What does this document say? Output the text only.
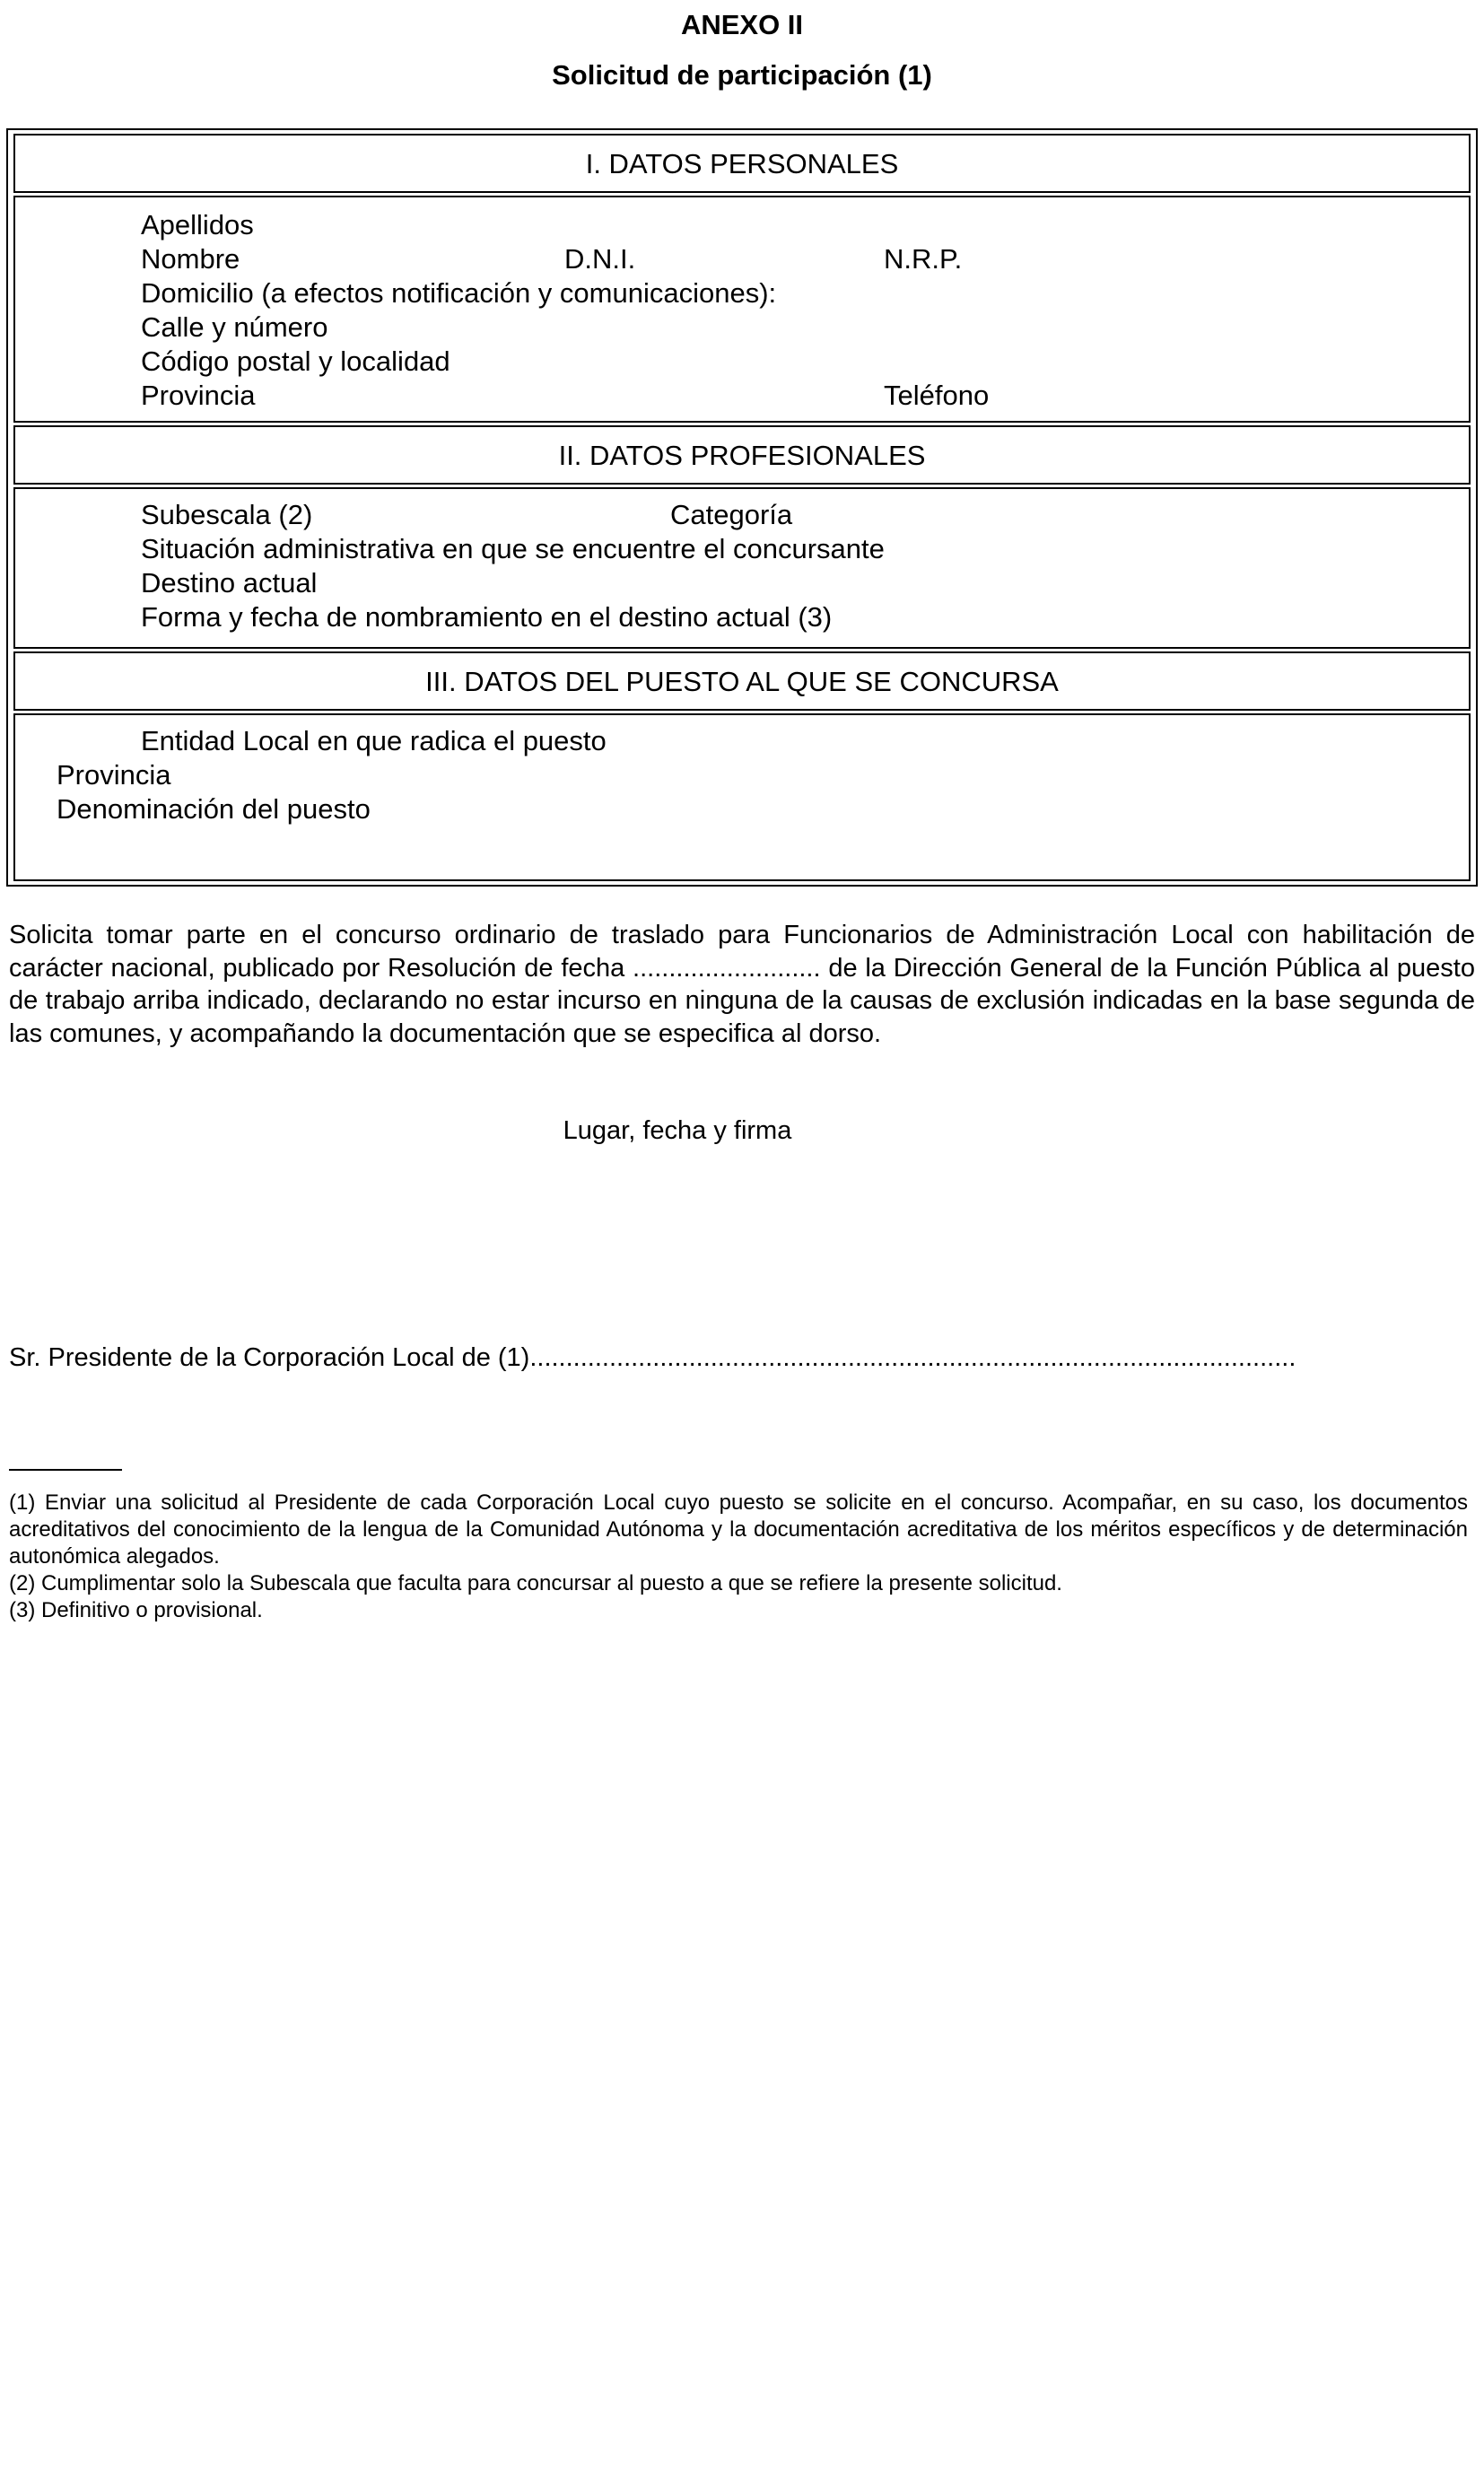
ANEXO II
Solicitud de participación (1)
I. DATOS PERSONALES
Apellidos
Nombre	D.N.I.	N.R.P.
Domicilio (a efectos notificación y comunicaciones):
Calle y número
Código postal y localidad
Provincia	Teléfono
II. DATOS PROFESIONALES
Subescala (2)	Categoría
Situación administrativa en que se encuentre el concursante
Destino actual
Forma y fecha de nombramiento en el destino actual (3)
III. DATOS DEL PUESTO AL QUE SE CONCURSA
Entidad Local en que radica el puesto
Provincia
Denominación del puesto
Solicita tomar parte en el concurso ordinario de traslado para Funcionarios de Administración Local con habilitación de carácter nacional, publicado por Resolución de fecha .......................... de la Dirección General de la Función Pública al puesto de trabajo arriba indicado, declarando no estar incurso en ninguna de la causas de exclusión indicadas en la base segunda de las comunes, y acompañando la documentación que se especifica al dorso.
Lugar, fecha y firma
Sr. Presidente de la Corporación Local de (1)..........................................................................................................

(1) Enviar una solicitud al Presidente de cada Corporación Local cuyo puesto se solicite en el concurso. Acompañar, en su caso, los documentos acreditativos del conocimiento de la lengua de la Comunidad Autónoma y la documentación acreditativa de los méritos específicos y de determinación autonómica alegados.

(2) Cumplimentar solo la Subescala que faculta para concursar al puesto a que se refiere la presente solicitud.

(3) Definitivo o provisional.
